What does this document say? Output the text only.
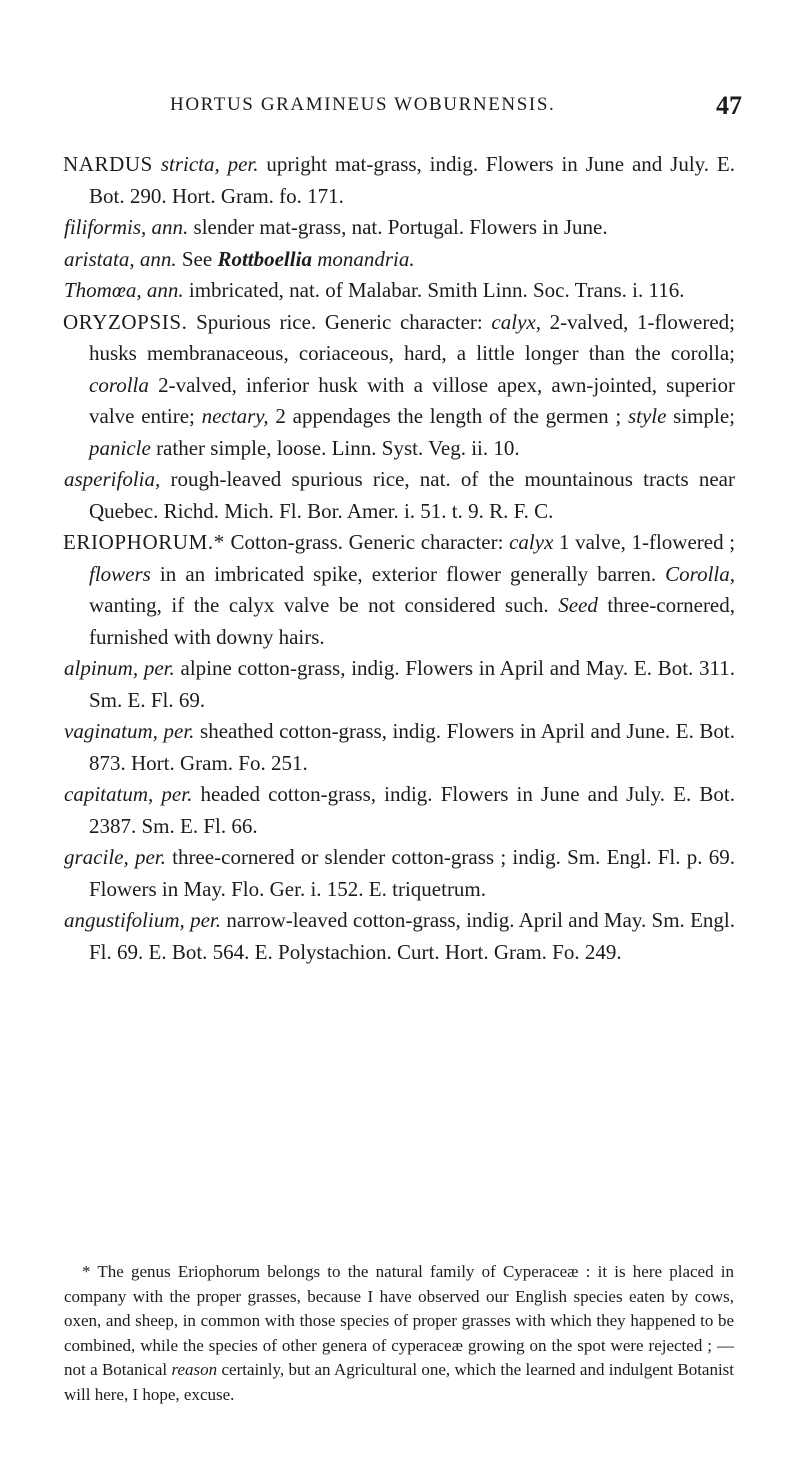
HORTUS GRAMINEUS WOBURNENSIS.	47

NARDUS stricta, per. upright mat-grass, indig. Flowers in June and July. E. Bot. 290. Hort. Gram. fo. 171.

filiformis, ann. slender mat-grass, nat. Portugal. Flowers in June.

aristata, ann. See Rottboellia monandria.

Thomœa, ann. imbricated, nat. of Malabar. Smith Linn. Soc. Trans. i. 116.

ORYZOPSIS. Spurious rice. Generic character: calyx, 2-valved, 1-flowered; husks membranaceous, coriaceous, hard, a little longer than the corolla; corolla 2-valved, inferior husk with a villose apex, awn-jointed, superior valve entire; nectary, 2 appendages the length of the germen ; style simple; panicle rather simple, loose. Linn. Syst. Veg. ii. 10.

asperifolia, rough-leaved spurious rice, nat. of the mountainous tracts near Quebec. Richd. Mich. Fl. Bor. Amer. i. 51. t. 9. R. F. C.

ERIOPHORUM.* Cotton-grass. Generic character: calyx 1 valve, 1-flowered ; flowers in an imbricated spike, exterior flower generally barren. Corolla, wanting, if the calyx valve be not considered such. Seed three-cornered, furnished with downy hairs.

alpinum, per. alpine cotton-grass, indig. Flowers in April and May. E. Bot. 311. Sm. E. Fl. 69.

vaginatum, per. sheathed cotton-grass, indig. Flowers in April and June. E. Bot. 873. Hort. Gram. Fo. 251.

capitatum, per. headed cotton-grass, indig. Flowers in June and July. E. Bot. 2387. Sm. E. Fl. 66.

gracile, per. three-cornered or slender cotton-grass ; indig. Sm. Engl. Fl. p. 69. Flowers in May. Flo. Ger. i. 152. E. triquetrum.

angustifolium, per. narrow-leaved cotton-grass, indig. April and May. Sm. Engl. Fl. 69. E. Bot. 564. E. Polystachion. Curt. Hort. Gram. Fo. 249.

* The genus Eriophorum belongs to the natural family of Cyperaceæ : it is here placed in company with the proper grasses, because I have observed our English species eaten by cows, oxen, and sheep, in common with those species of proper grasses with which they happened to be combined, while the species of other genera of cyperaceæ growing on the spot were rejected ; — not a Botanical reason certainly, but an Agricultural one, which the learned and indulgent Botanist will here, I hope, excuse.
